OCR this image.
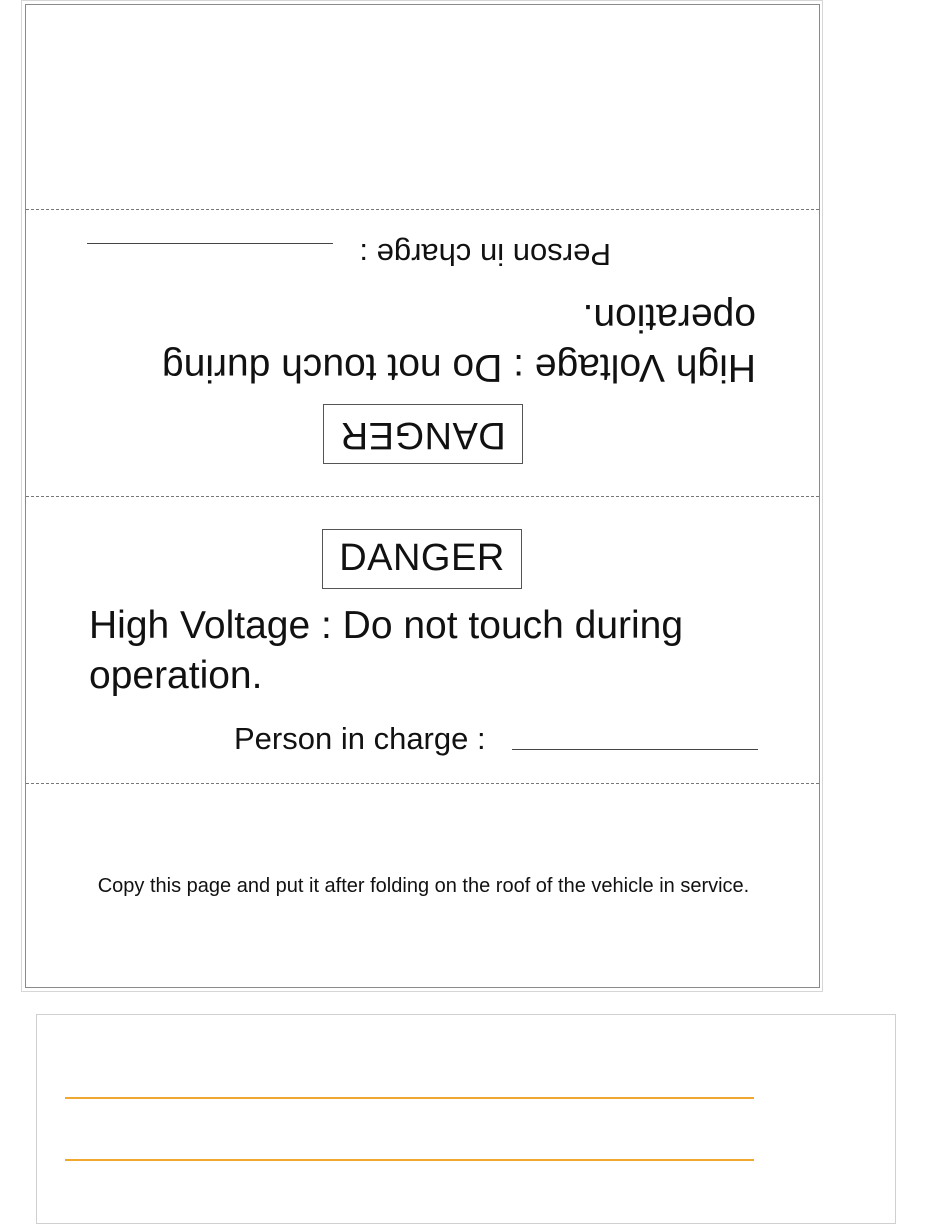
DANGER
High Voltage : Do not touch during operation.
Person in charge :
DANGER
High Voltage : Do not touch during operation.
Person in charge :
Copy this page and put it after folding on the roof of the vehicle in service.
